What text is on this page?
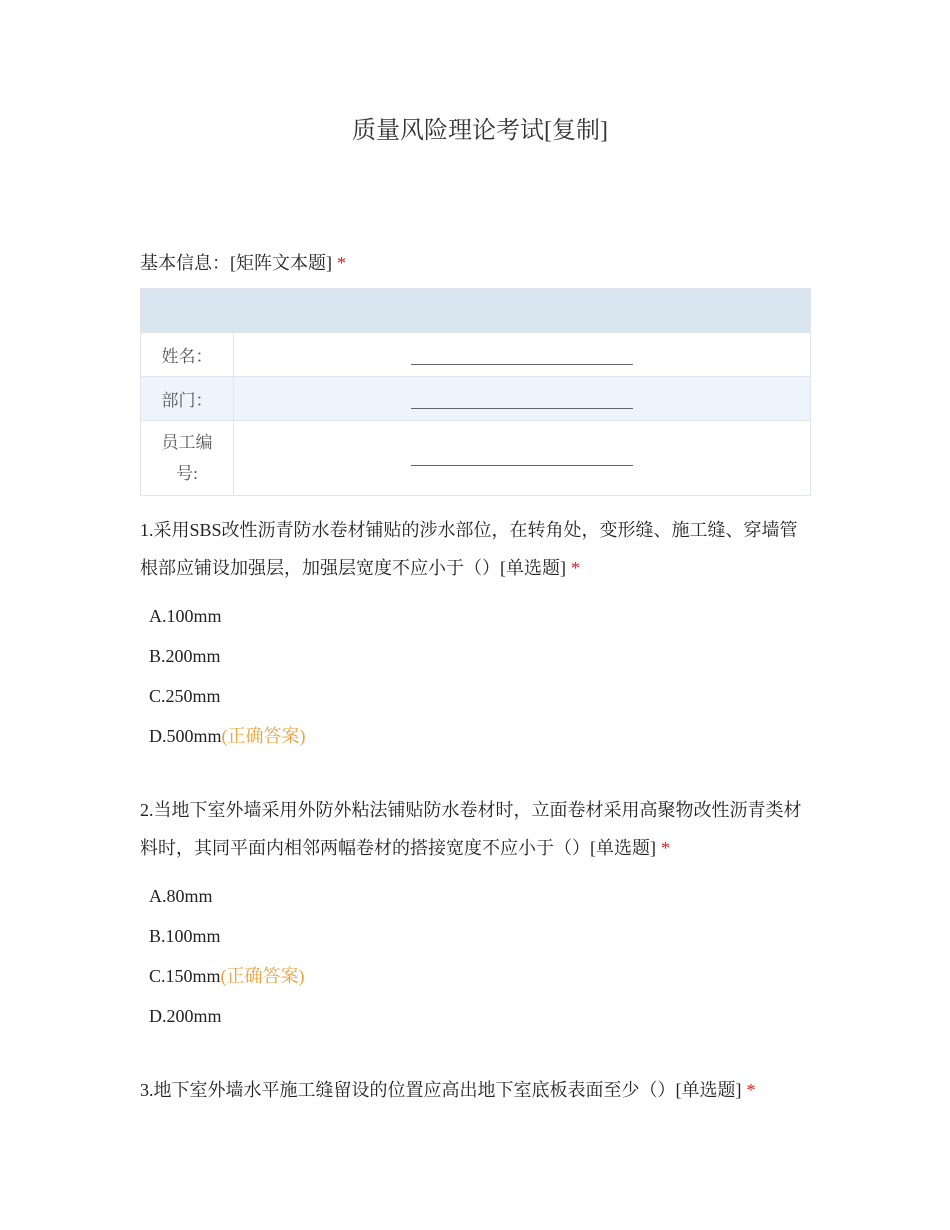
质量风险理论考试[复制]
基本信息：[矩阵文本题] *

姓名：	
部门：	
员工编号:	
1.采用SBS改性沥青防水卷材铺贴的涉水部位，在转角处，变形缝、施工缝、穿墙管根部应铺设加强层，加强层宽度不应小于（）[单选题] *
A.100mm
B.200mm
C.250mm
D.500mm(正确答案)
2.当地下室外墙采用外防外粘法铺贴防水卷材时，立面卷材采用高聚物改性沥青类材料时，其同平面内相邻两幅卷材的搭接宽度不应小于（）[单选题] *
A.80mm
B.100mm
C.150mm(正确答案)
D.200mm
3.地下室外墙水平施工缝留设的位置应高出地下室底板表面至少（）[单选题] *
